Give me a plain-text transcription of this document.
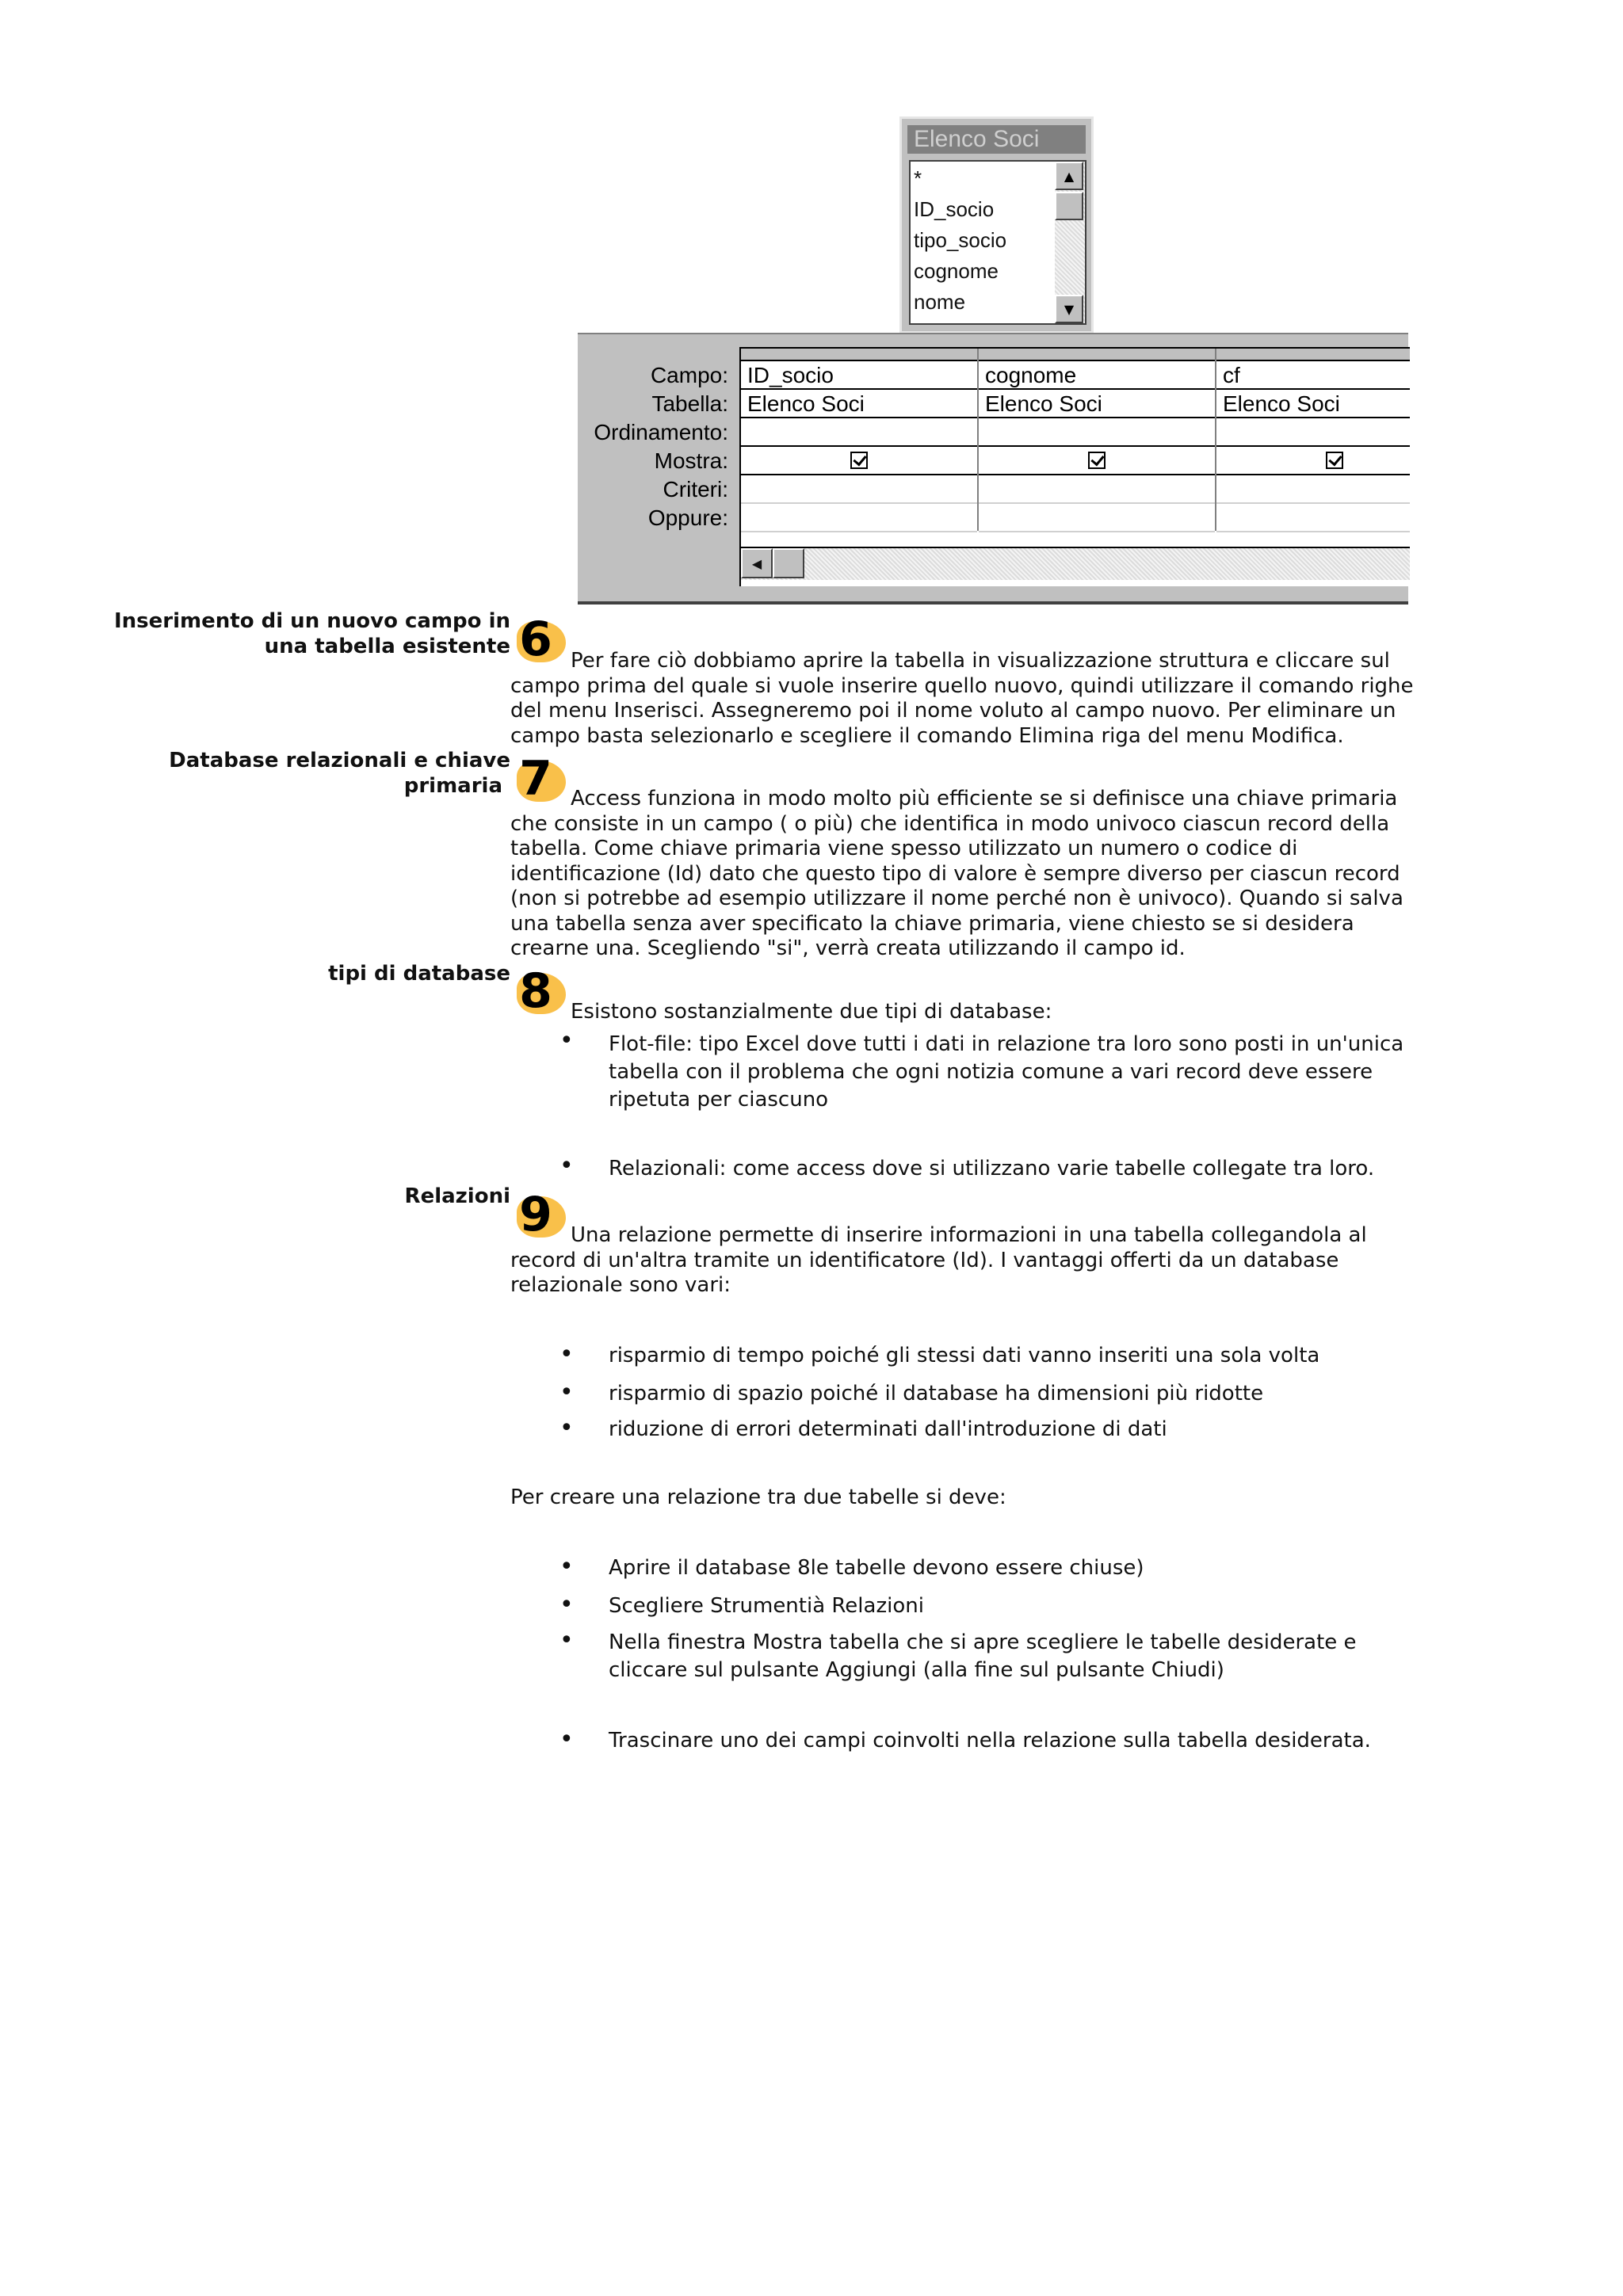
Elenco Soci
*
ID_socio
tipo_socio
cognome
nome
▲
▼
Campo:
Tabella:
Ordinamento:
Mostra:
Criteri:
Oppure:
ID_socio
Elenco Soci
cognome
Elenco Soci
cf
Elenco Soci
◀
Inserimento di un nuovo campo in
una tabella esistente 6 Per fare ciò dobbiamo aprire la tabella in visualizzazione struttura e cliccare sul campo prima del quale si vuole inserire quello nuovo, quindi utilizzare il comando righe del menu Inserisci. Assegneremo poi il nome voluto al campo nuovo. Per eliminare un campo basta selezionarlo e scegliere il comando Elimina riga del menu Modifica.
Database relazionali e chiave
primaria 7 Access funziona in modo molto più efficiente se si definisce una chiave primaria che consiste in un campo ( o più) che identifica in modo univoco ciascun record della tabella. Come chiave primaria viene spesso utilizzato un numero o codice di identificazione (Id) dato che questo tipo di valore è sempre diverso per ciascun record (non si potrebbe ad esempio utilizzare il nome perché non è univoco). Quando si salva una tabella senza aver specificato la chiave primaria, viene chiesto se si desidera crearne una. Scegliendo "si", verrà creata utilizzando il campo id.
tipi di database 8 Esistono sostanzialmente due tipi di database:
• Flot-file: tipo Excel dove tutti i dati in relazione tra loro sono posti in un'unica tabella con il problema che ogni notizia comune a vari record deve essere ripetuta per ciascuno
• Relazionali: come access dove si utilizzano varie tabelle collegate tra loro.
Relazioni 9 Una relazione permette di inserire informazioni in una tabella collegandola al record di un'altra tramite un identificatore (Id). I vantaggi offerti da un database relazionale sono vari:
• risparmio di tempo poiché gli stessi dati vanno inseriti una sola volta
• risparmio di spazio poiché il database ha dimensioni più ridotte
• riduzione di errori determinati dall'introduzione di dati
Per creare una relazione tra due tabelle si deve:
• Aprire il database 8le tabelle devono essere chiuse)
• Scegliere Strumentià Relazioni
• Nella finestra Mostra tabella che si apre scegliere le tabelle desiderate e cliccare sul pulsante Aggiungi (alla fine sul pulsante Chiudi)
• Trascinare uno dei campi coinvolti nella relazione sulla tabella desiderata.
